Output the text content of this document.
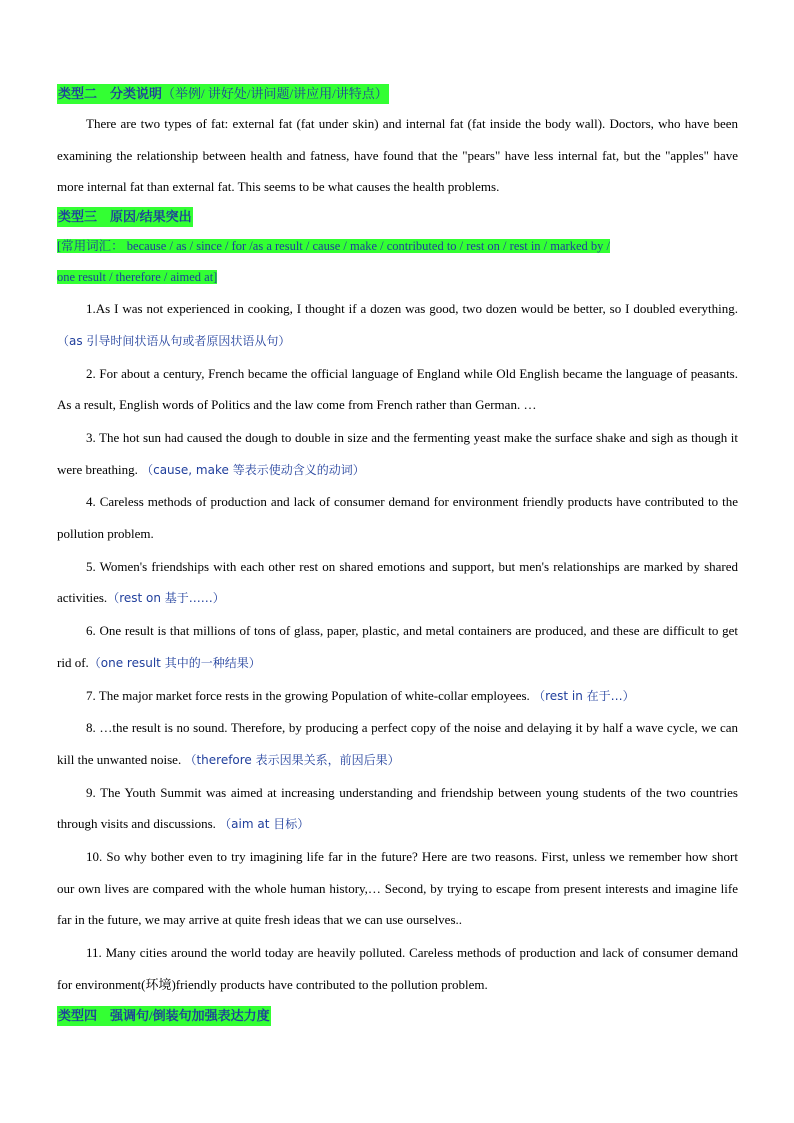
类型二　分类说明（举例/ 讲好处/讲问题/讲应用/讲特点）

There are two types of fat: external fat (fat under skin) and internal fat (fat inside the body wall). Doctors, who have been examining the relationship between health and fatness, have found that the "pears" have less internal fat, but the "apples" have more internal fat than external fat. This seems to be what causes the health problems.

类型三　原因/结果突出

[常用词汇： because / as / since / for /as a result / cause / make / contributed to / rest on / rest in / marked by /
one result / therefore / aimed at]

1.As I was not experienced in cooking, I thought if a dozen was good, two dozen would be better, so I doubled everything.（as 引导时间状语从句或者原因状语从句）

2. For about a century, French became the official language of England while Old English became the language of peasants. As a result, English words of Politics and the law come from French rather than German. …

3. The hot sun had caused the dough to double in size and the fermenting yeast make the surface shake and sigh as though it were breathing. （cause, make 等表示使动含义的动词）

4. Careless methods of production and lack of consumer demand for environment friendly products have contributed to the pollution problem.

5. Women's friendships with each other rest on shared emotions and support, but men's relationships are marked by shared activities.（rest on 基于……）

6. One result is that millions of tons of glass, paper, plastic, and metal containers are produced, and these are difficult to get rid of.（one result 其中的一种结果）

7. The major market force rests in the growing Population of white-collar employees. （rest in 在于…）

8. …the result is no sound. Therefore, by producing a perfect copy of the noise and delaying it by half a wave cycle, we can kill the unwanted noise. （therefore 表示因果关系，前因后果）

9. The Youth Summit was aimed at increasing understanding and friendship between young students of the two countries through visits and discussions. （aim at 目标）

10. So why bother even to try imagining life far in the future? Here are two reasons. First, unless we remember how short our own lives are compared with the whole human history,… Second, by trying to escape from present interests and imagine life far in the future, we may arrive at quite fresh ideas that we can use ourselves..

11. Many cities around the world today are heavily polluted. Careless methods of production and lack of consumer demand for environment(环境)friendly products have contributed to the pollution problem.

类型四　强调句/倒装句加强表达力度
